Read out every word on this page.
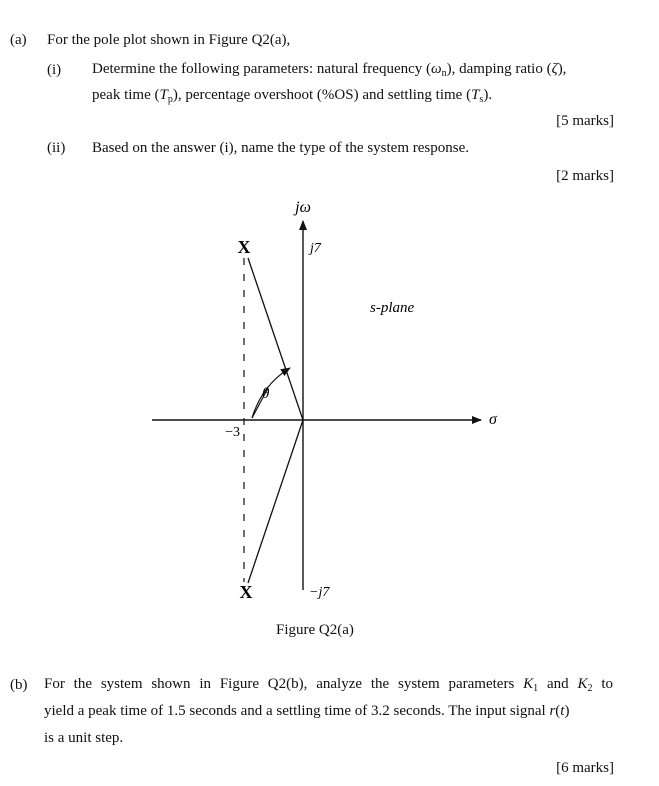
(a) For the pole plot shown in Figure Q2(a),
(i) Determine the following parameters: natural frequency $(\omega_n)$, damping ratio (ζ),
peak time $(T_p)$, percentage overshoot (%OS) and settling time $(T_s)$.
[5 marks]
(ii) Based on the answer (i), name the type of the system response.
[2 marks]
X
X
jω
σ
s-plane
j7
−j7
−3
θ
Figure Q2(a)
(b) For the system shown in Figure Q2(b), analyze the system parameters $K_1$ and $K_2$ to
yield a peak time of 1.5 seconds and a settling time of 3.2 seconds. The input signal r(t)
is a unit step.
[6 marks]
